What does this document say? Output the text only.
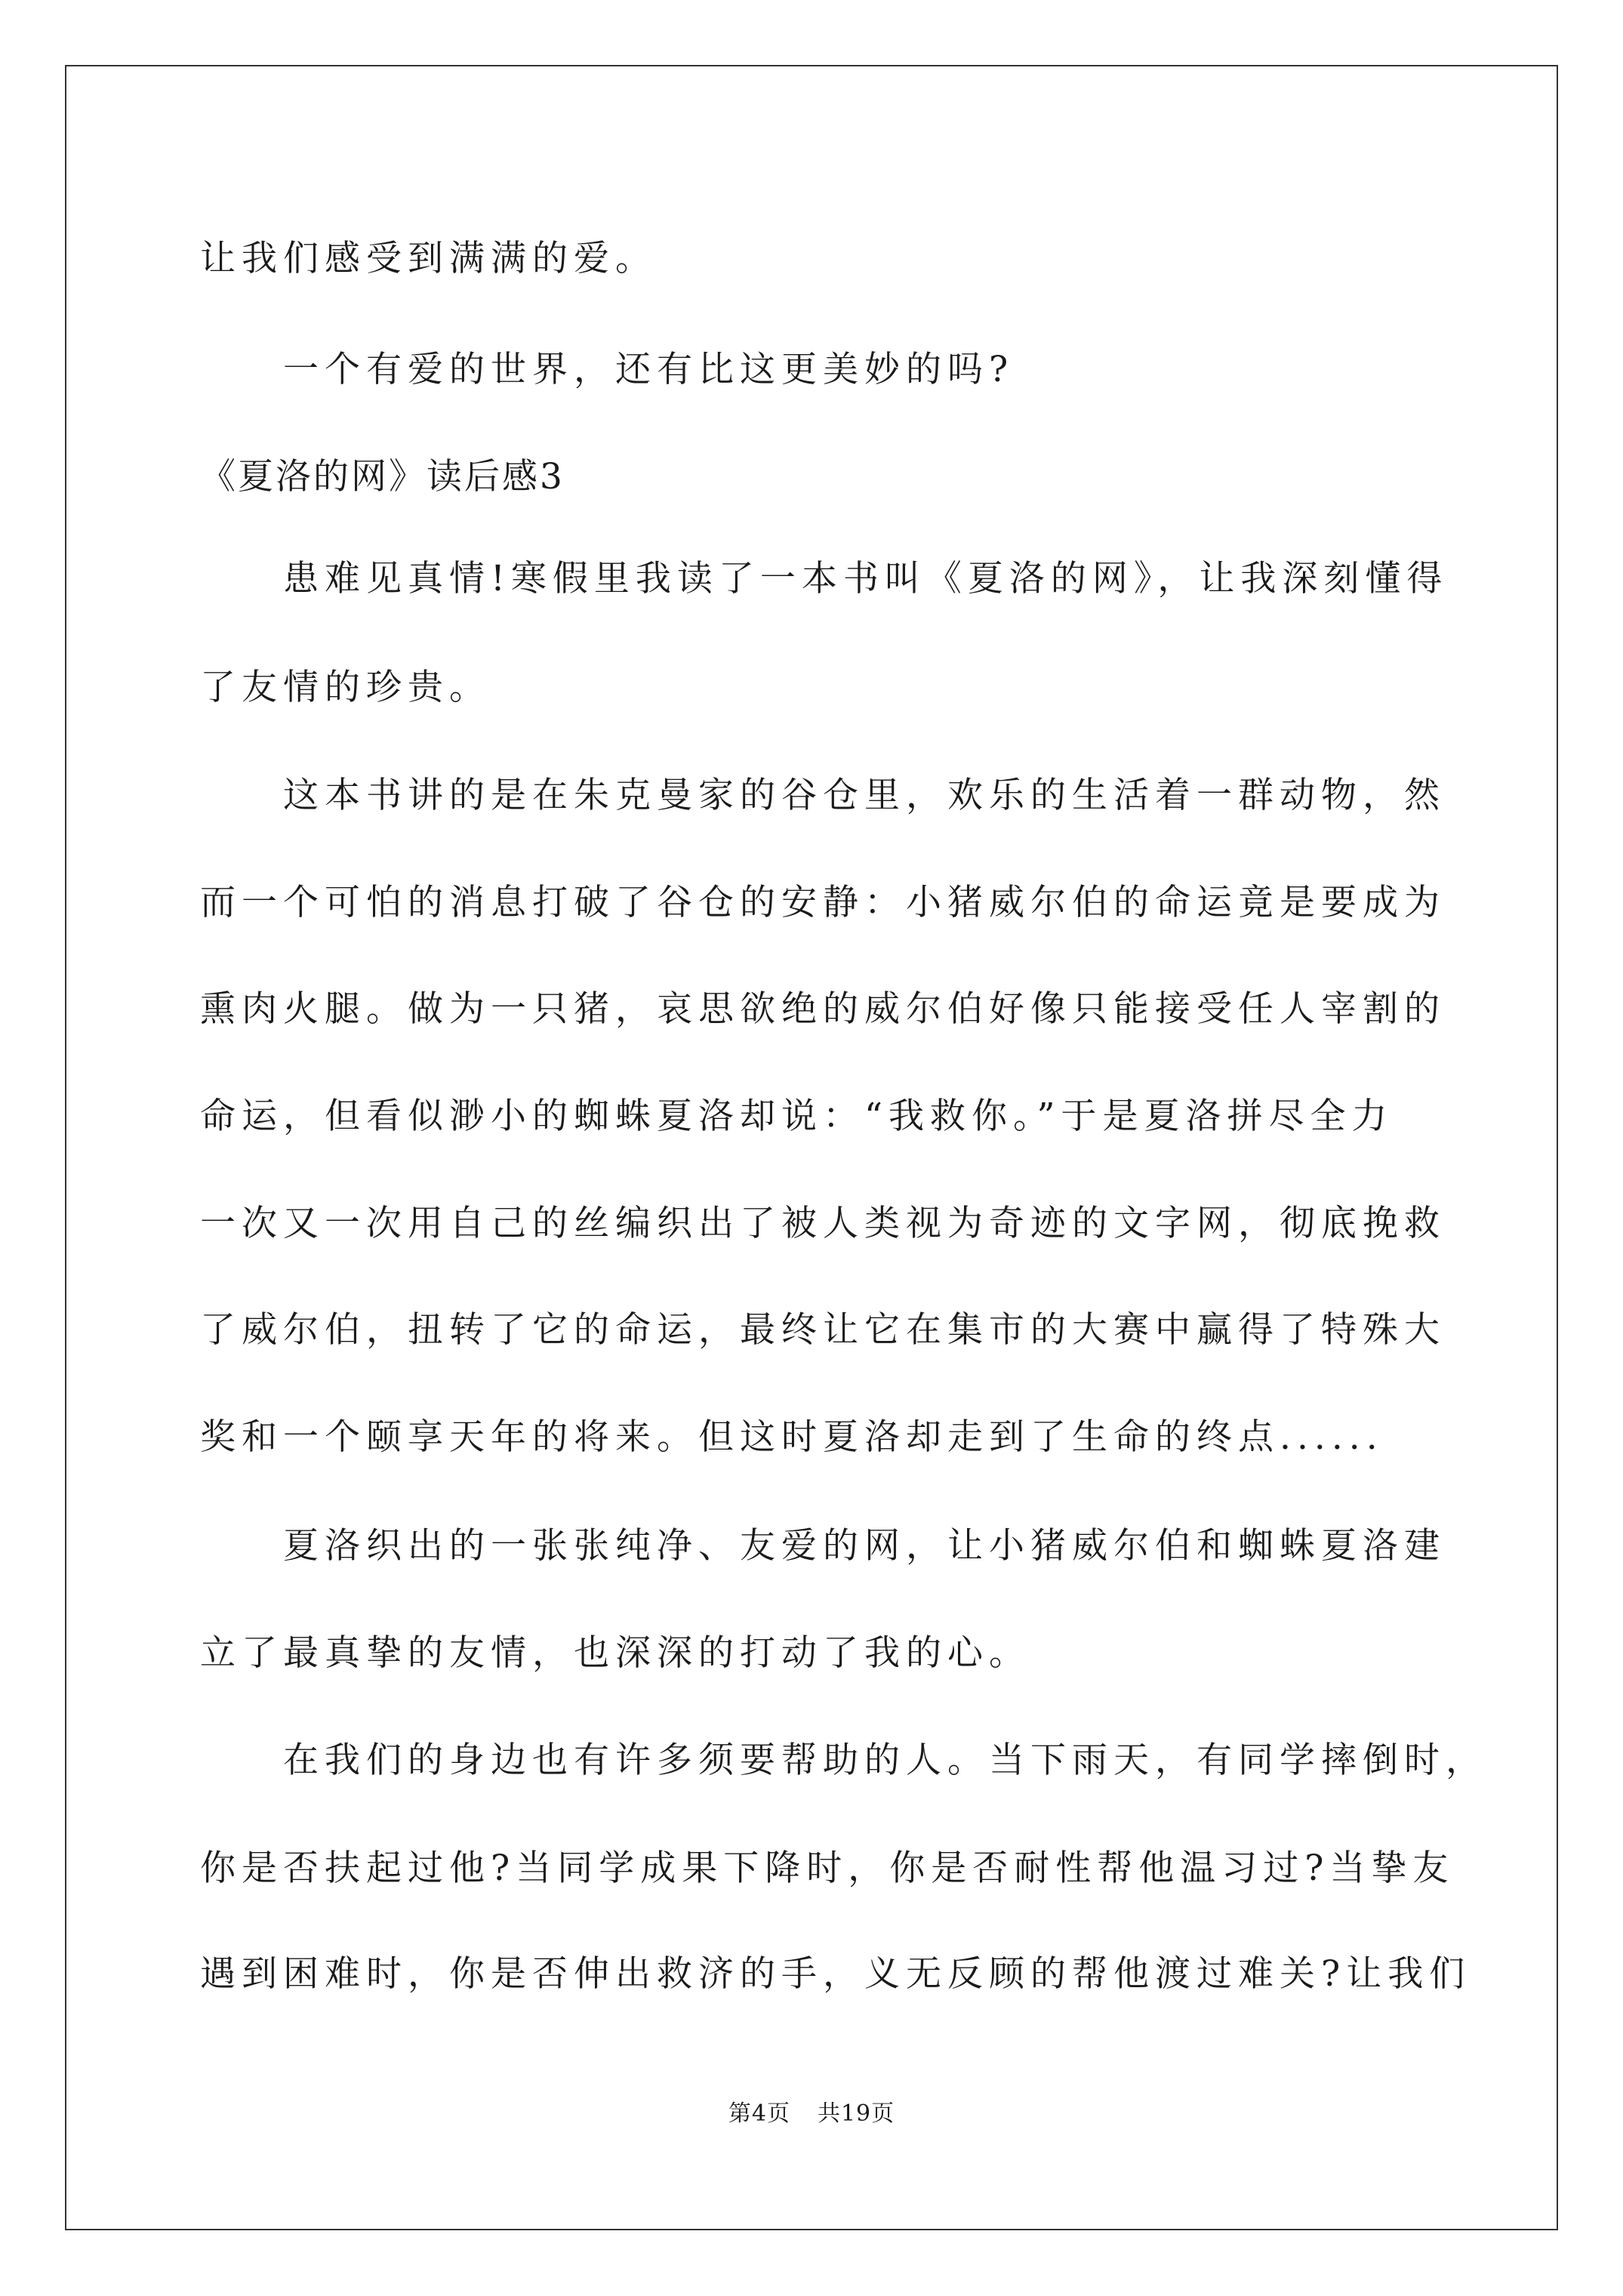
让我们感受到满满的爱。
一个有爱的世界，还有比这更美妙的吗?
《夏洛的网》读后感3
患难见真情!寒假里我读了一本书叫《夏洛的网》，让我深刻懂得
了友情的珍贵。
这本书讲的是在朱克曼家的谷仓里，欢乐的生活着一群动物，然
而一个可怕的消息打破了谷仓的安静：小猪威尔伯的命运竟是要成为
熏肉火腿。做为一只猪，哀思欲绝的威尔伯好像只能接受任人宰割的
命运，但看似渺小的蜘蛛夏洛却说：“我救你。”于是夏洛拼尽全力
一次又一次用自己的丝编织出了被人类视为奇迹的文字网，彻底挽救
了威尔伯，扭转了它的命运，最终让它在集市的大赛中赢得了特殊大
奖和一个颐享天年的将来。但这时夏洛却走到了生命的终点......
夏洛织出的一张张纯净、友爱的网，让小猪威尔伯和蜘蛛夏洛建
立了最真挚的友情，也深深的打动了我的心。
在我们的身边也有许多须要帮助的人。当下雨天，有同学摔倒时，
你是否扶起过他?当同学成果下降时，你是否耐性帮他温习过?当挚友
遇到困难时，你是否伸出救济的手，义无反顾的帮他渡过难关?让我们
第4页 共19页
